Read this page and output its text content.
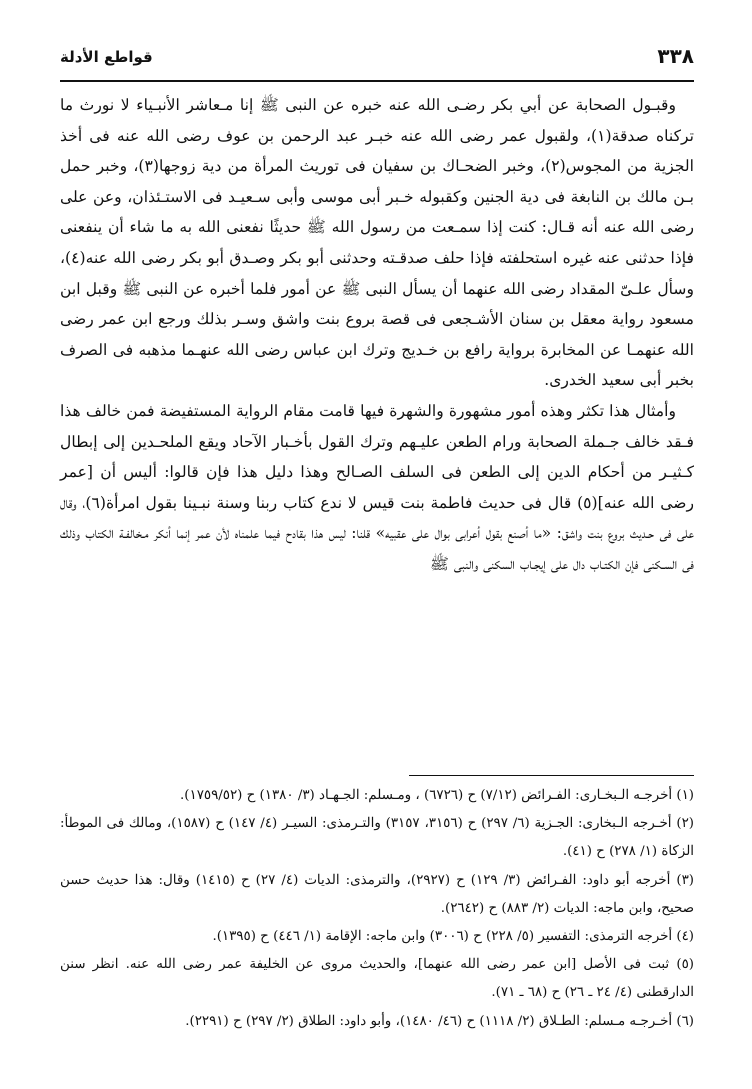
٣٣٨
قواطع الأدلة

وقبـول الصحابة عن أبي بكر رضـى الله عنه خبره عن النبى ﷺ إنا مـعاشر الأنبـياء لا نورث ما تركناه صدقة(١)، ولقبول عمر رضى الله عنه خبـر عبد الرحمن بن عوف رضى الله عنه فى أخذ الجزية من المجوس(٢)، وخبر الضحـاك بن سفيان فى توريث المرأة من دية زوجها(٣)، وخبر حمل بـن مالك بن النابغة فى دية الجنين وكقبوله خـبر أبى موسى وأبى سـعيـد فى الاستـئذان، وعن على رضى الله عنه أنه قـال: كنت إذا سمـعت من رسول الله ﷺ حديثًا نفعنى الله به ما شاء أن ينفعنى فإذا حدثنى عنه غيره استحلفته فإذا حلف صدقـته وحدثنى أبو بكر وصـدق أبو بكر رضى الله عنه(٤)، وسأل علـىّ المقداد رضى الله عنهما أن يسأل النبى ﷺ عن أمور فلما أخبره عن النبى ﷺ وقبل ابن مسعود رواية معقل بن سنان الأشـجعى فى قصة بروع بنت واشق وسـر بذلك ورجع ابن عمر رضى الله عنهمـا عن المخابرة برواية رافع بن خـديج وترك ابن عباس رضى الله عنهـما مذهبه فى الصرف بخبر أبى سعيد الخدرى.

وأمثال هذا تكثر وهذه أمور مشهورة والشهرة فيها قامت مقام الرواية المستفيضة فمن خالف هذا فـقد خالف جـملة الصحابة ورام الطعن عليـهم وترك القول بأخـبار الآحاد ويقع الملحـدين إلى إبطال كـثيـر من أحكام الدين إلى الطعن فى السلف الصـالح وهذا دليل هذا فإن قالوا: أليس أن [عمر رضى الله عنه](٥) قال فى حديث فاطمة بنت قيس لا ندع كتاب ربنا وسنة نبـينا بقول امرأة(٦)، وقال على فى حـديث بروع بنت واشق: «ما أصنع بقول أعرابى بوال على عقبيه» قلنا: ليس هذا بقادح فيما علمناه لأن عمر إنما أنكر مـخالفـة الكتاب وذلك فى السـكنى فإن الكتـاب دال على إيجـاب السكنى والنبى ﷺ

(١) أخرجـه الـبخـارى: الفـرائض (٧/١٢) ح (٦٧٢٦) ، ومـسلم: الجـهـاد (٣/ ١٣٨٠) ح (١٧٥٩/٥٢).

(٢) أخـرجه الـبخارى: الجـزية (٦/ ٢٩٧) ح (٣١٥٦، ٣١٥٧) والتـرمذى: السيـر (٤/ ١٤٧) ح (١٥٨٧)، ومالك فى الموطأ: الزكاة (١/ ٢٧٨) ح (٤١).

(٣) أخرجه أبو داود: الفـرائض (٣/ ١٢٩) ح (٢٩٢٧)، والترمذى: الديات (٤/ ٢٧) ح (١٤١٥) وقال: هذا حديث حسن صحيح، وابن ماجه: الديات (٢/ ٨٨٣) ح (٢٦٤٢).

(٤) أخرجه الترمذى: التفسير (٥/ ٢٢٨) ح (٣٠٠٦) وابن ماجه: الإقامة (١/ ٤٤٦) ح (١٣٩٥).

(٥) ثبت فى الأصل [ابن عمر رضى الله عنهما]، والحديث مروى عن الخليفة عمر رضى الله عنه. انظر سنن الدارقطنى (٤/ ٢٤ ـ ٢٦) ح (٦٨ ـ ٧١).

(٦) أخـرجـه مـسلم: الطـلاق (٢/ ١١١٨) ح (٤٦/ ١٤٨٠)، وأبو داود: الطلاق (٢/ ٢٩٧) ح (٢٢٩١).
